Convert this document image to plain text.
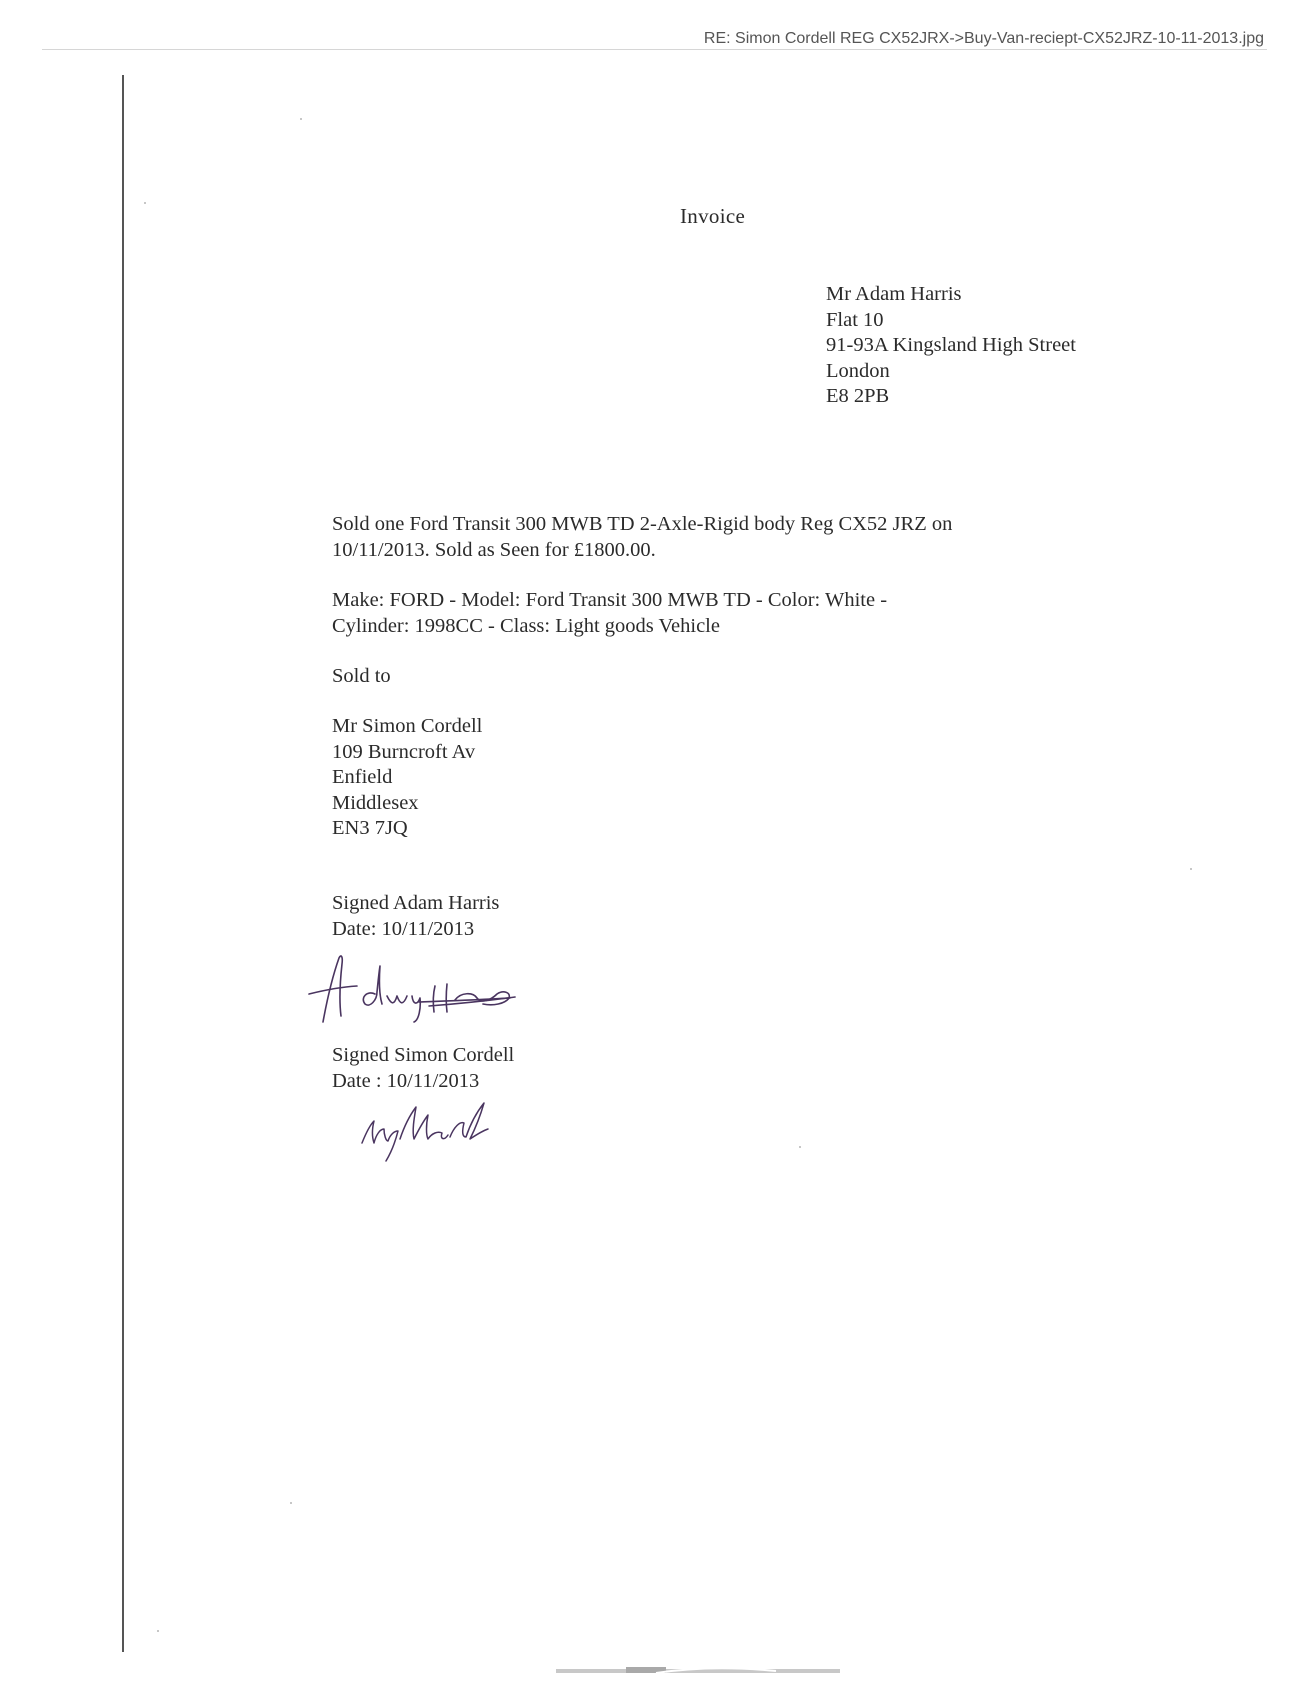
RE: Simon Cordell REG CX52JRX->Buy-Van-reciept-CX52JRZ-10-11-2013.jpg
Invoice
Mr Adam Harris
Flat 10
91-93A Kingsland High Street
London
E8 2PB
Sold one Ford Transit 300 MWB TD 2-Axle-Rigid body Reg CX52 JRZ on
10/11/2013. Sold as Seen for £1800.00.
Make: FORD - Model: Ford Transit 300 MWB TD - Color: White -
Cylinder: 1998CC - Class: Light goods Vehicle
Sold to
Mr Simon Cordell
109 Burncroft Av
Enfield
Middlesex
EN3 7JQ
Signed Adam Harris
Date: 10/11/2013
Signed Simon Cordell
Date : 10/11/2013
